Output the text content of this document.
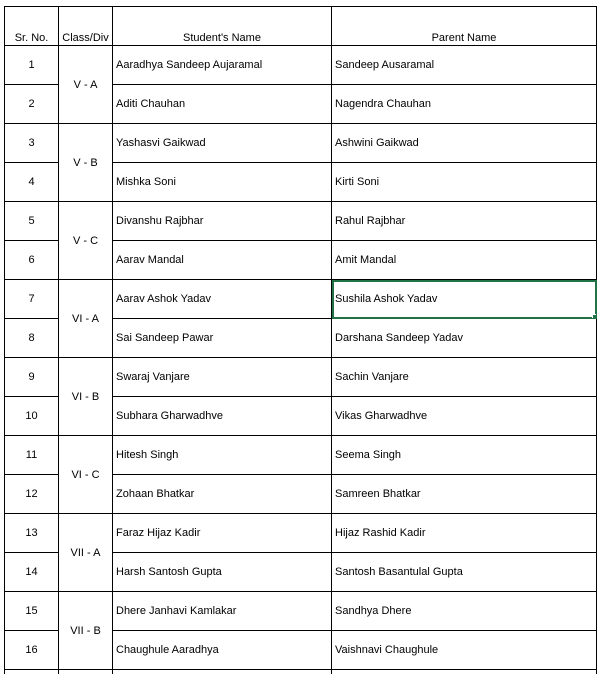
Sr. No.	Class/Div	Student's Name	Parent Name
1	V - A	Aaradhya Sandeep Aujaramal	Sandeep Ausaramal
2		Aditi Chauhan	Nagendra Chauhan
3	V - B	Yashasvi Gaikwad	Ashwini Gaikwad
4		Mishka Soni	Kirti Soni
5	V - C	Divanshu Rajbhar	Rahul Rajbhar
6		Aarav Mandal	Amit Mandal
7	VI - A	Aarav Ashok Yadav	Sushila Ashok Yadav

8		Sai Sandeep Pawar	Darshana Sandeep Yadav
9	VI - B	Swaraj Vanjare	Sachin Vanjare
10		Subhara Gharwadhve	Vikas Gharwadhve
11	VI - C	Hitesh Singh	Seema Singh
12		Zohaan Bhatkar	Samreen Bhatkar
13	VII - A	Faraz Hijaz Kadir	Hijaz Rashid Kadir
14		Harsh Santosh Gupta	Santosh Basantulal Gupta
15	VII - B	Dhere Janhavi Kamlakar	Sandhya Dhere
16		Chaughule Aaradhya	Vaishnavi Chaughule
